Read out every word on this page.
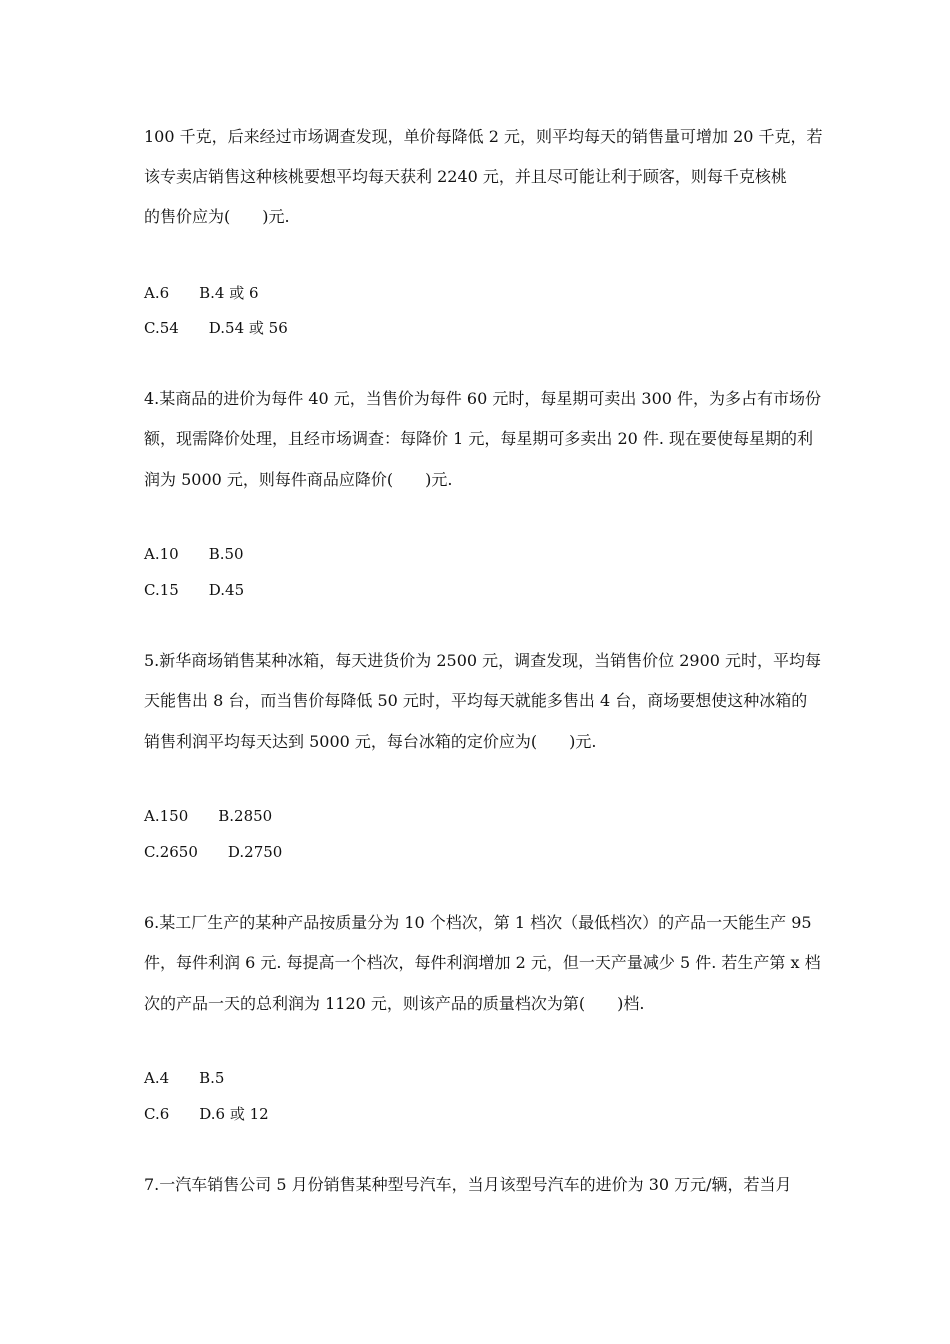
100 千克，后来经过市场调查发现，单价每降低 2 元，则平均每天的销售量可增加 20 千克，若
该专卖店销售这种核桃要想平均每天获利 2240 元，并且尽可能让利于顾客，则每千克核桃
的售价应为(　　)元.
A.6　　B.4 或 6
C.54　　D.54 或 56
4.某商品的进价为每件 40 元，当售价为每件 60 元时，每星期可卖出 300 件，为多占有市场份
额，现需降价处理，且经市场调查：每降价 1 元，每星期可多卖出 20 件. 现在要使每星期的利
润为 5000 元，则每件商品应降价(　　)元.
A.10　　B.50
C.15　　D.45
5.新华商场销售某种冰箱，每天进货价为 2500 元，调查发现，当销售价位 2900 元时，平均每
天能售出 8 台，而当售价每降低 50 元时，平均每天就能多售出 4 台，商场要想使这种冰箱的
销售利润平均每天达到 5000 元，每台冰箱的定价应为(　　)元.
A.150　　B.2850
C.2650　　D.2750
6.某工厂生产的某种产品按质量分为 10 个档次，第 1 档次（最低档次）的产品一天能生产 95
件，每件利润 6 元. 每提高一个档次，每件利润增加 2 元，但一天产量减少 5 件. 若生产第 x 档
次的产品一天的总利润为 1120 元，则该产品的质量档次为第(　　)档.
A.4　　B.5
C.6　　D.6 或 12
7.一汽车销售公司 5 月份销售某种型号汽车，当月该型号汽车的进价为 30 万元/辆，若当月
